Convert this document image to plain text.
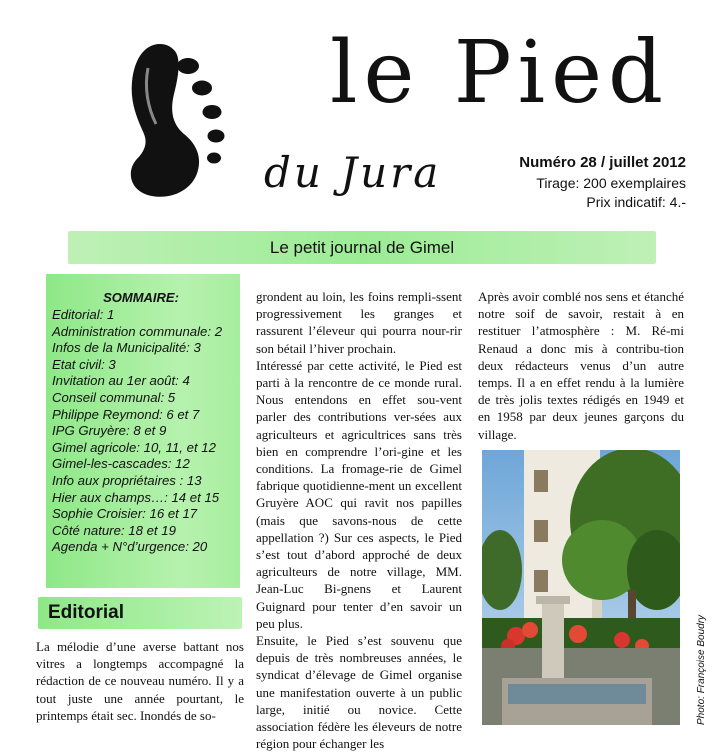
le Pied
du Jura	Numéro 28 / juillet 2012
Tirage: 200 exemplaires
Prix indicatif: 4.-
Le petit journal de Gimel
SOMMAIRE:
Editorial: 1
Administration communale: 2
Infos de la Municipalité: 3
Etat civil: 3
Invitation au 1er août: 4
Conseil communal: 5
Philippe Reymond: 6 et 7
IPG Gruyère: 8 et 9
Gimel agricole: 10, 11, et 12
Gimel-les-cascades: 12
Info aux propriétaires : 13
Hier aux champs…: 14 et 15
Sophie Croisier: 16 et 17
Côté nature: 18 et 19
Agenda + N°d’urgence: 20
Editorial

La mélodie d’une averse battant nos vitres a longtemps accompagné la rédaction de ce nouveau numéro. Il y a tout juste une année pourtant, le printemps était sec. Inondés de so-

grondent au loin, les foins rempli-ssent progressivement les granges et rassurent l’éleveur qui pourra nour-rir son bétail l’hiver prochain.

Intéressé par cette activité, le Pied est parti à la rencontre de ce monde rural. Nous entendons en effet sou-vent parler des contributions ver-sées aux agriculteurs et agricultrices sans très bien en comprendre l’ori-gine et les conditions. La fromage-rie de Gimel fabrique quotidienne-ment un excellent Gruyère AOC qui ravit nos papilles (mais que savons-nous de cette appellation ?) Sur ces aspects, le Pied s’est tout d’abord approché de deux agriculteurs de notre village, MM. Jean-Luc Bi-gnens et Laurent Guignard pour tenter d’en savoir un peu plus.

Ensuite, le Pied s’est souvenu que depuis de très nombreuses années, le syndicat d’élevage de Gimel organise une manifestation ouverte à un public large, initié ou novice. Cette association fédère les éleveurs de notre région pour échanger les

Après avoir comblé nos sens et étanché notre soif de savoir, restait à en restituer l’atmosphère : M. Ré-mi Renaud a donc mis à contribu-tion deux rédacteurs venus d’un autre temps. Il a en effet rendu à la lumière de très jolis textes rédigés en 1949 et en 1958 par deux jeunes garçons du village.

Photo: Françoise Boudry
